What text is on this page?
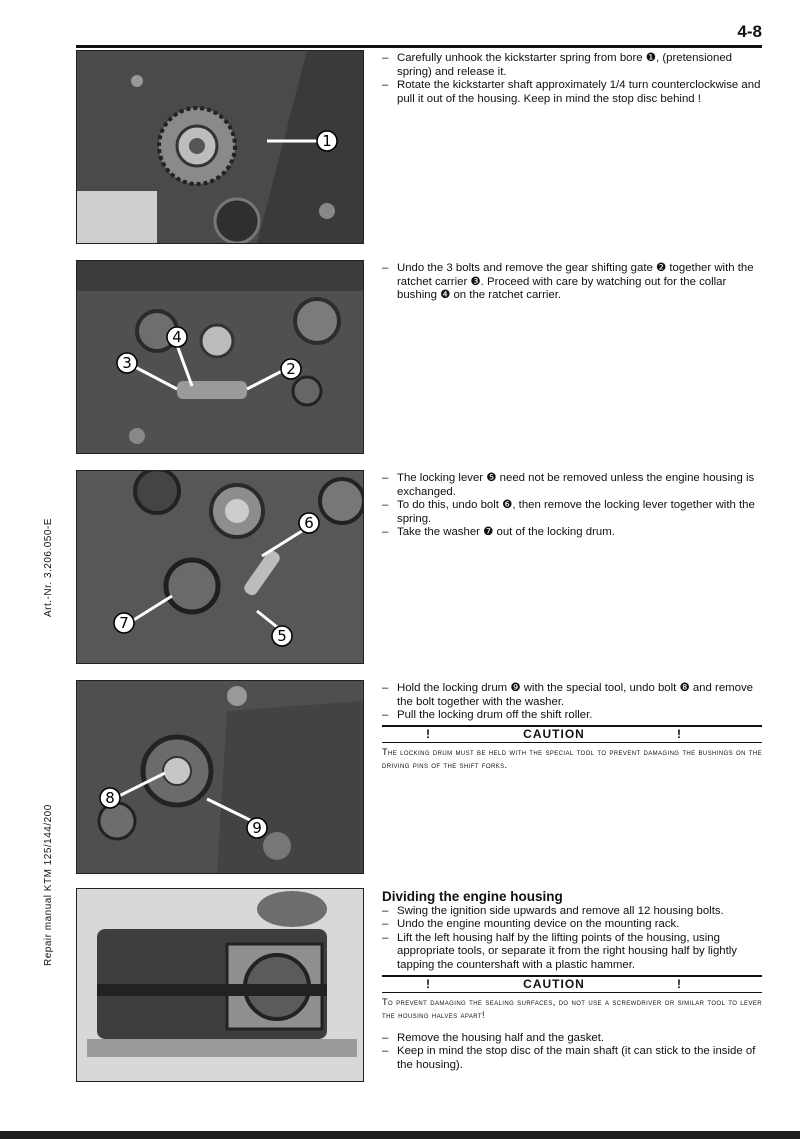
4-8
Art.-Nr. 3.206.050-E
Repair manual KTM 125/144/200
1
– Carefully unhook the kickstarter spring from bore ❶, (pretensioned spring) and release it.
– Rotate the kickstarter shaft approximately 1/4 turn counterclockwise and pull it out of the housing. Keep in mind the stop disc behind !
2
3
4
– Undo the 3 bolts and remove the gear shifting gate ❷ together with the ratchet carrier ❸. Proceed with care by watching out for the collar bushing ❹ on the ratchet carrier.
6
5
7
– The locking lever ❺ need not be removed unless the engine housing is exchanged.
– To do this, undo bolt ❻, then remove the locking lever together with the spring.
– Take the washer ❼ out of the locking drum.
8
9
– Hold the locking drum ❾ with the special tool, undo bolt ❽ and remove the bolt together with the washer.
– Pull the locking drum off the shift roller.
!	CAUTION	!
The locking drum must be held with the special tool to prevent damaging the bushings on the driving pins of the shift forks.
Dividing the engine housing
– Swing the ignition side upwards and remove all 12 housing bolts.
– Undo the engine mounting device on the mounting rack.
– Lift the left housing half by the lifting points of the housing, using appropriate tools, or separate it from the right housing half by lightly tapping the countershaft with a plastic hammer.
!	CAUTION	!
To prevent damaging the sealing surfaces, do not use a screwdriver or similar tool to lever the housing halves apart!
– Remove the housing half and the gasket.
– Keep in mind the stop disc of the main shaft (it can stick to the inside of the housing).
